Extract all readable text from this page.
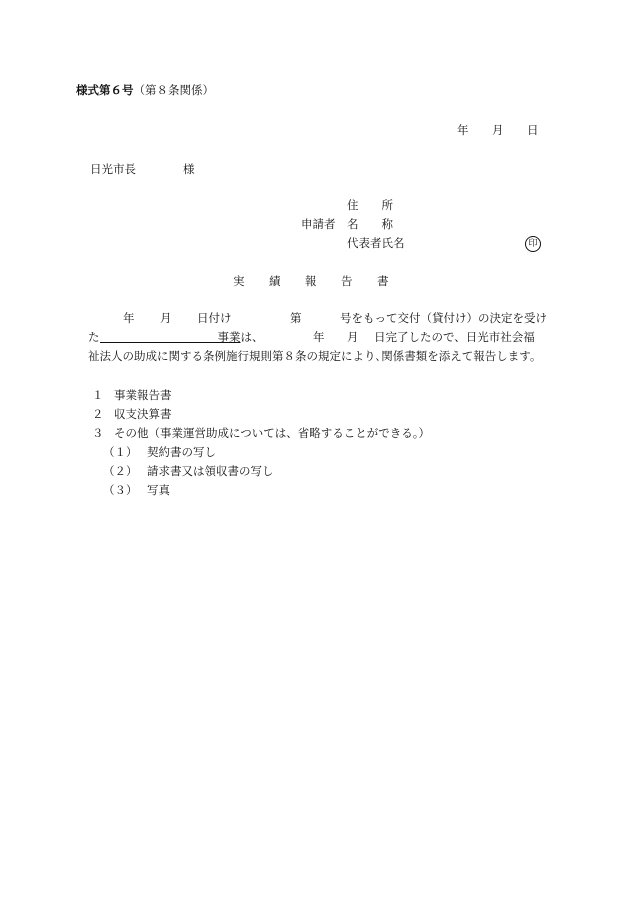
様式第６号（第８条関係）
年 月 日
日光市長	様
住　　所
申請者 名　　称
代表者氏名	印
実　　績　　報　　告　　書
年 月 日付け	第	号をもって交付（貸付け）の決定を受け
た	事業は、	年 月 日完了したので、日光市社会福
祉法人の助成に関する条例施行規則第８条の規定により､関係書類を添えて報告します。
１ 事業報告書
２ 収支決算書
３ その他（事業運営助成については、省略することができる。）
（１） 契約書の写し
（２） 請求書又は領収書の写し
（３） 写真
